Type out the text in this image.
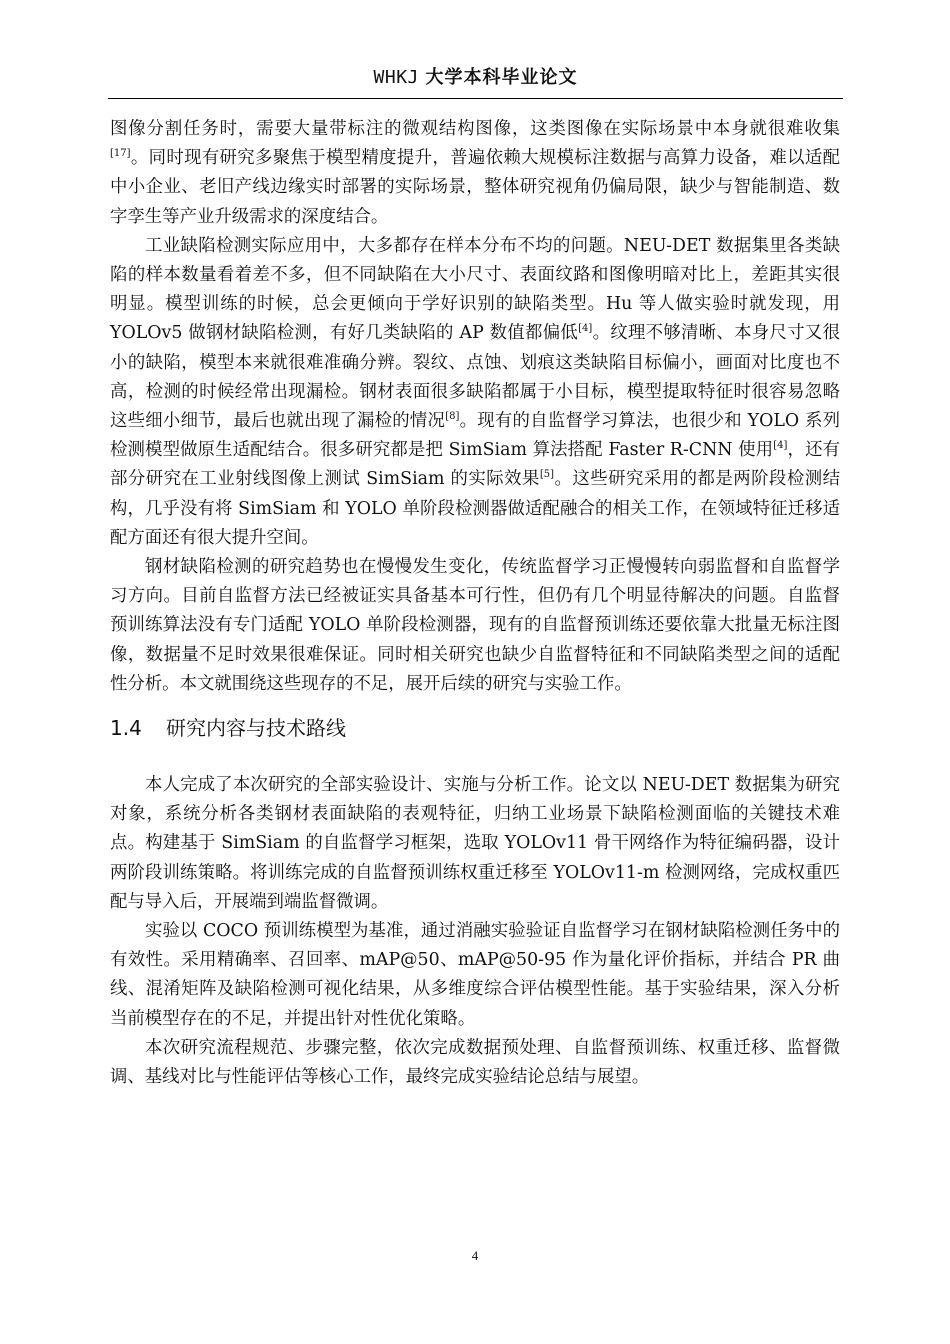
WHKJ 大学本科毕业论文

图像分割任务时，需要大量带标注的微观结构图像，这类图像在实际场景中本身就很难收集[17]。同时现有研究多聚焦于模型精度提升，普遍依赖大规模标注数据与高算力设备，难以适配中小企业、老旧产线边缘实时部署的实际场景，整体研究视角仍偏局限，缺少与智能制造、数字孪生等产业升级需求的深度结合。

工业缺陷检测实际应用中，大多都存在样本分布不均的问题。NEU-DET 数据集里各类缺陷的样本数量看着差不多，但不同缺陷在大小尺寸、表面纹路和图像明暗对比上，差距其实很明显。模型训练的时候，总会更倾向于学好识别的缺陷类型。Hu 等人做实验时就发现，用 YOLOv5 做钢材缺陷检测，有好几类缺陷的 AP 数值都偏低[4]。纹理不够清晰、本身尺寸又很小的缺陷，模型本来就很难准确分辨。裂纹、点蚀、划痕这类缺陷目标偏小，画面对比度也不高，检测的时候经常出现漏检。钢材表面很多缺陷都属于小目标，模型提取特征时很容易忽略这些细小细节，最后也就出现了漏检的情况[8]。现有的自监督学习算法，也很少和 YOLO 系列检测模型做原生适配结合。很多研究都是把 SimSiam 算法搭配 Faster R-CNN 使用[4]，还有部分研究在工业射线图像上测试 SimSiam 的实际效果[5]。这些研究采用的都是两阶段检测结构，几乎没有将 SimSiam 和 YOLO 单阶段检测器做适配融合的相关工作，在领域特征迁移适配方面还有很大提升空间。

钢材缺陷检测的研究趋势也在慢慢发生变化，传统监督学习正慢慢转向弱监督和自监督学习方向。目前自监督方法已经被证实具备基本可行性，但仍有几个明显待解决的问题。自监督预训练算法没有专门适配 YOLO 单阶段检测器，现有的自监督预训练还要依靠大批量无标注图像，数据量不足时效果很难保证。同时相关研究也缺少自监督特征和不同缺陷类型之间的适配性分析。本文就围绕这些现存的不足，展开后续的研究与实验工作。

1.4 研究内容与技术路线

本人完成了本次研究的全部实验设计、实施与分析工作。论文以 NEU-DET 数据集为研究对象，系统分析各类钢材表面缺陷的表观特征，归纳工业场景下缺陷检测面临的关键技术难点。构建基于 SimSiam 的自监督学习框架，选取 YOLOv11 骨干网络作为特征编码器，设计两阶段训练策略。将训练完成的自监督预训练权重迁移至 YOLOv11-m 检测网络，完成权重匹配与导入后，开展端到端监督微调。

实验以 COCO 预训练模型为基准，通过消融实验验证自监督学习在钢材缺陷检测任务中的有效性。采用精确率、召回率、mAP@50、mAP@50-95 作为量化评价指标，并结合 PR 曲线、混淆矩阵及缺陷检测可视化结果，从多维度综合评估模型性能。基于实验结果，深入分析当前模型存在的不足，并提出针对性优化策略。

本次研究流程规范、步骤完整，依次完成数据预处理、自监督预训练、权重迁移、监督微调、基线对比与性能评估等核心工作，最终完成实验结论总结与展望。

4
